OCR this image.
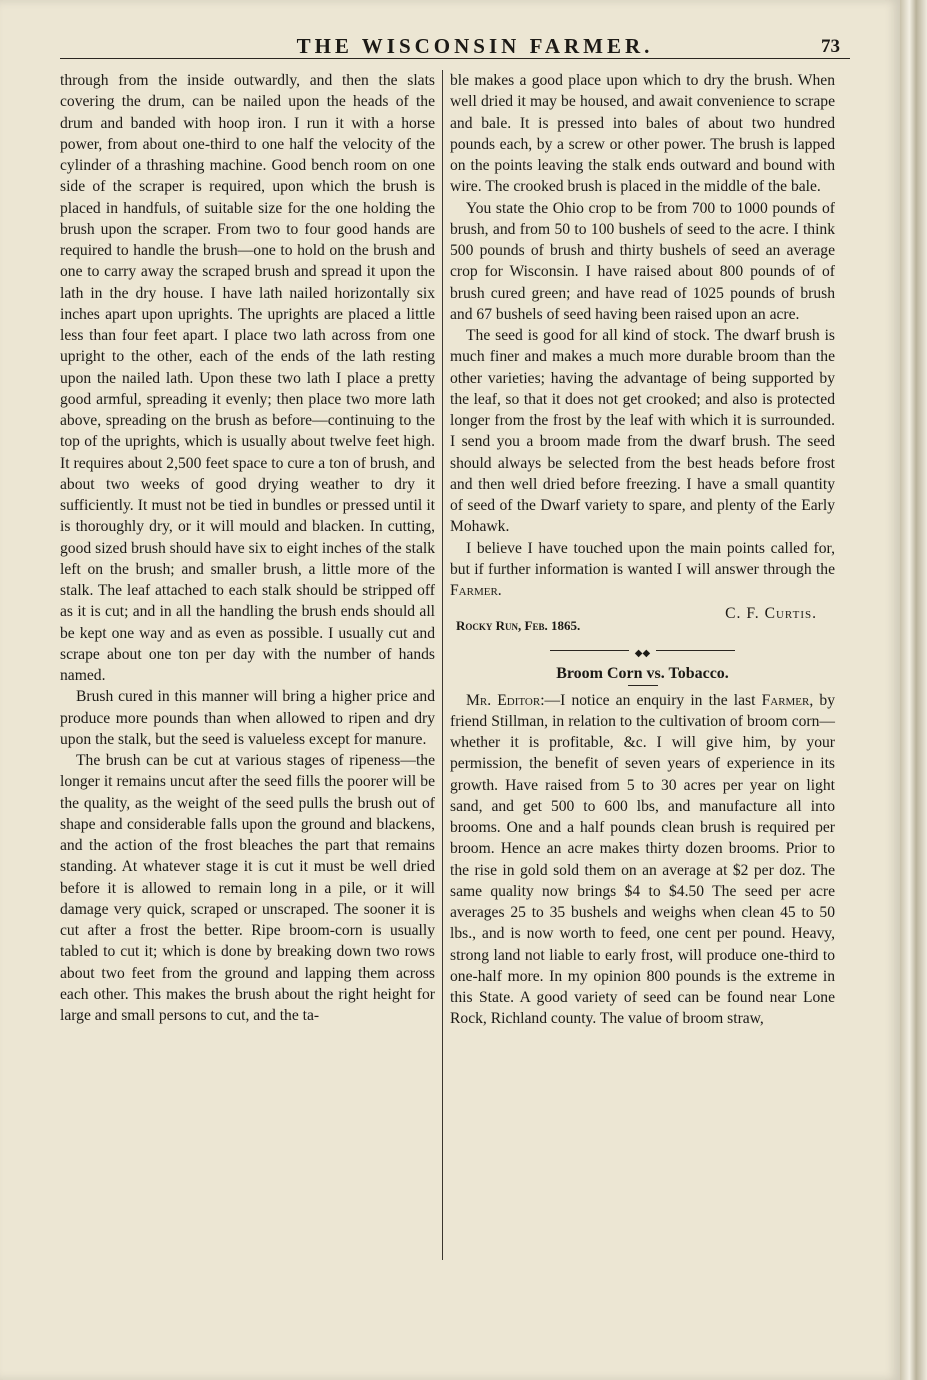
THE WISCONSIN FARMER.	73

through from the inside outwardly, and then the slats covering the drum, can be nailed upon the heads of the drum and banded with hoop iron. I run it with a horse power, from about one-third to one half the velocity of the cylinder of a thrashing machine. Good bench room on one side of the scraper is required, upon which the brush is placed in handfuls, of suitable size for the one holding the brush upon the scraper. From two to four good hands are required to handle the brush—one to hold on the brush and one to carry away the scraped brush and spread it upon the lath in the dry house. I have lath nailed horizontally six inches apart upon uprights. The uprights are placed a little less than four feet apart. I place two lath across from one upright to the other, each of the ends of the lath resting upon the nailed lath. Upon these two lath I place a pretty good armful, spreading it evenly; then place two more lath above, spreading on the brush as before—continuing to the top of the uprights, which is usually about twelve feet high. It requires about 2,500 feet space to cure a ton of brush, and about two weeks of good drying weather to dry it sufficiently. It must not be tied in bundles or pressed until it is thoroughly dry, or it will mould and blacken. In cutting, good sized brush should have six to eight inches of the stalk left on the brush; and smaller brush, a little more of the stalk. The leaf attached to each stalk should be stripped off as it is cut; and in all the handling the brush ends should all be kept one way and as even as possible. I usually cut and scrape about one ton per day with the number of hands named.

Brush cured in this manner will bring a higher price and produce more pounds than when allowed to ripen and dry upon the stalk, but the seed is valueless except for manure.

The brush can be cut at various stages of ripeness—the longer it remains uncut after the seed fills the poorer will be the quality, as the weight of the seed pulls the brush out of shape and considerable falls upon the ground and blackens, and the action of the frost bleaches the part that remains standing. At whatever stage it is cut it must be well dried before it is allowed to remain long in a pile, or it will damage very quick, scraped or unscraped. The sooner it is cut after a frost the better. Ripe broom-corn is usually tabled to cut it; which is done by breaking down two rows about two feet from the ground and lapping them across each other. This makes the brush about the right height for large and small persons to cut, and the ta-

ble makes a good place upon which to dry the brush. When well dried it may be housed, and await convenience to scrape and bale. It is pressed into bales of about two hundred pounds each, by a screw or other power. The brush is lapped on the points leaving the stalk ends outward and bound with wire. The crooked brush is placed in the middle of the bale.

You state the Ohio crop to be from 700 to 1000 pounds of brush, and from 50 to 100 bushels of seed to the acre. I think 500 pounds of brush and thirty bushels of seed an average crop for Wisconsin. I have raised about 800 pounds of of brush cured green; and have read of 1025 pounds of brush and 67 bushels of seed having been raised upon an acre.

The seed is good for all kind of stock. The dwarf brush is much finer and makes a much more durable broom than the other varieties; having the advantage of being supported by the leaf, so that it does not get crooked; and also is protected longer from the frost by the leaf with which it is surrounded. I send you a broom made from the dwarf brush. The seed should always be selected from the best heads before frost and then well dried before freezing. I have a small quantity of seed of the Dwarf variety to spare, and plenty of the Early Mohawk.

I believe I have touched upon the main points called for, but if further information is wanted I will answer through the Farmer.

C. F. Curtis.
Rocky Run, Feb. 1865.
◆◆
Broom Corn vs. Tobacco.

Mr. Editor:—I notice an enquiry in the last Farmer, by friend Stillman, in relation to the cultivation of broom corn—whether it is profitable, &c. I will give him, by your permission, the benefit of seven years of experience in its growth. Have raised from 5 to 30 acres per year on light sand, and get 500 to 600 lbs, and manufacture all into brooms. One and a half pounds clean brush is required per broom. Hence an acre makes thirty dozen brooms. Prior to the rise in gold sold them on an average at $2 per doz. The same quality now brings $4 to $4.50 The seed per acre averages 25 to 35 bushels and weighs when clean 45 to 50 lbs., and is now worth to feed, one cent per pound. Heavy, strong land not liable to early frost, will produce one-third to one-half more. In my opinion 800 pounds is the extreme in this State. A good variety of seed can be found near Lone Rock, Richland county. The value of broom straw,
